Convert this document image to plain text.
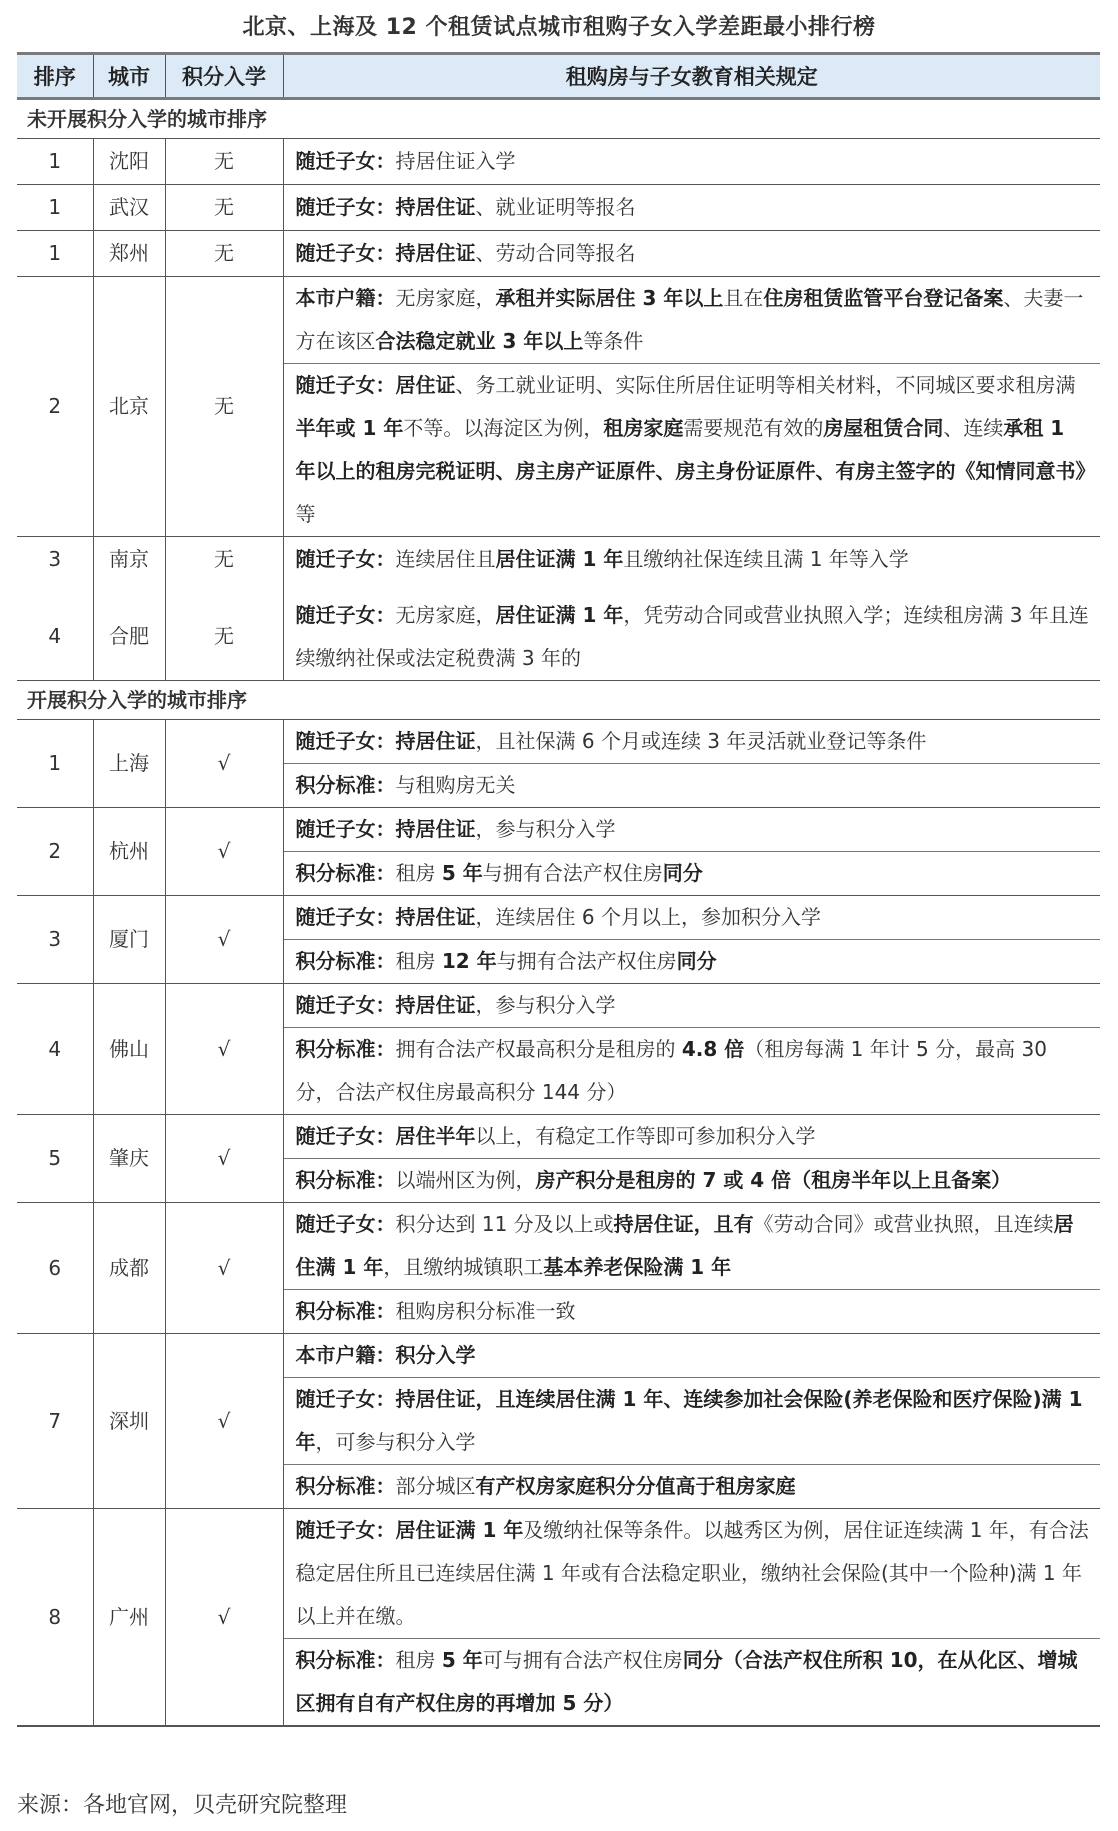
北京、上海及 12 个租赁试点城市租购子女入学差距最小排行榜
排序	城市	积分入学	租购房与子女教育相关规定
未开展积分入学的城市排序			
1	沈阳	无	随迁子女：持居住证入学
1	武汉	无	随迁子女：持居住证、就业证明等报名
1	郑州	无	随迁子女：持居住证、劳动合同等报名
2	北京	无	本市户籍：无房家庭，承租并实际居住 3 年以上且在住房租赁监管平台登记备案、夫妻一方在该区合法稳定就业 3 年以上等条件
			随迁子女：居住证、务工就业证明、实际住所居住证明等相关材料，不同城区要求租房满半年或 1 年不等。以海淀区为例，租房家庭需要规范有效的房屋租赁合同、连续承租 1 年以上的租房完税证明、房主房产证原件、房主身份证原件、有房主签字的《知情同意书》等
3	南京	无	随迁子女：连续居住且居住证满 1 年且缴纳社保连续且满 1 年等入学
4	合肥	无	随迁子女：无房家庭，居住证满 1 年，凭劳动合同或营业执照入学；连续租房满 3 年且连续缴纳社保或法定税费满 3 年的
开展积分入学的城市排序			
1	上海	√	随迁子女：持居住证，且社保满 6 个月或连续 3 年灵活就业登记等条件
			积分标准：与租购房无关
2	杭州	√	随迁子女：持居住证，参与积分入学
			积分标准：租房 5 年与拥有合法产权住房同分
3	厦门	√	随迁子女：持居住证，连续居住 6 个月以上，参加积分入学
			积分标准：租房 12 年与拥有合法产权住房同分
4	佛山	√	随迁子女：持居住证，参与积分入学
			积分标准：拥有合法产权最高积分是租房的 4.8 倍（租房每满 1 年计 5 分，最高 30 分，合法产权住房最高积分 144 分）
5	肇庆	√	随迁子女：居住半年以上，有稳定工作等即可参加积分入学
			积分标准：以端州区为例，房产积分是租房的 7 或 4 倍（租房半年以上且备案）
6	成都	√	随迁子女：积分达到 11 分及以上或持居住证，且有《劳动合同》或营业执照，且连续居住满 1 年，且缴纳城镇职工基本养老保险满 1 年
			积分标准：租购房积分标准一致
7	深圳	√	本市户籍：积分入学
			随迁子女：持居住证，且连续居住满 1 年、连续参加社会保险(养老保险和医疗保险)满 1 年，可参与积分入学
			积分标准：部分城区有产权房家庭积分分值高于租房家庭
8	广州	√	随迁子女：居住证满 1 年及缴纳社保等条件。以越秀区为例，居住证连续满 1 年，有合法稳定居住所且已连续居住满 1 年或有合法稳定职业，缴纳社会保险(其中一个险种)满 1 年以上并在缴。
			积分标准：租房 5 年可与拥有合法产权住房同分（合法产权住所积 10，在从化区、增城区拥有自有产权住房的再增加 5 分）
来源：各地官网，贝壳研究院整理
